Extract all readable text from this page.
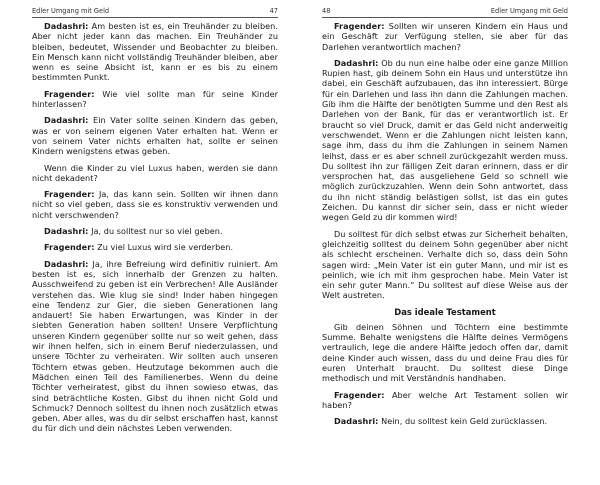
Edler Umgang mit Geld	47

Dadashri: Am besten ist es, ein Treuhänder zu bleiben. Aber nicht jeder kann das machen. Ein Treuhänder zu bleiben, bedeutet, Wissender und Beobachter zu bleiben. Ein Mensch kann nicht vollständig Treuhänder bleiben, aber wenn es seine Absicht ist, kann er es bis zu einem bestimmten Punkt.

Fragender: Wie viel sollte man für seine Kinder hinterlassen?

Dadashri: Ein Vater sollte seinen Kindern das geben, was er von seinem eigenen Vater erhalten hat. Wenn er von seinem Vater nichts erhalten hat, sollte er seinen Kindern wenigstens etwas geben.

Wenn die Kinder zu viel Luxus haben, werden sie dann nicht dekadent?

Fragender: Ja, das kann sein. Sollten wir ihnen dann nicht so viel geben, dass sie es konstruktiv verwenden und nicht verschwenden?

Dadashri: Ja, du solltest nur so viel geben.

Fragender: Zu viel Luxus wird sie verderben.

Dadashri: Ja, ihre Befreiung wird definitiv ruiniert. Am besten ist es, sich innerhalb der Grenzen zu halten. Ausschweifend zu geben ist ein Verbrechen! Alle Ausländer verstehen das. Wie klug sie sind! Inder haben hingegen eine Tendenz zur Gier, die sieben Generationen lang andauert! Sie haben Erwartungen, was Kinder in der siebten Generation haben sollten! Unsere Verpflichtung unseren Kindern gegenüber sollte nur so weit gehen, dass wir ihnen helfen, sich in einem Beruf niederzulassen, und unsere Töchter zu verheiraten. Wir sollten auch unseren Töchtern etwas geben. Heutzutage bekommen auch die Mädchen einen Teil des Familienerbes. Wenn du deine Töchter verheiratest, gibst du ihnen sowieso etwas, das sind beträchtliche Kosten. Gibst du ihnen nicht Gold und Schmuck? Dennoch solltest du ihnen noch zusätzlich etwas geben. Aber alles, was du dir selbst erschaffen hast, kannst du für dich und dein nächstes Leben verwenden.

48	Edler Umgang mit Geld

Fragender: Sollten wir unseren Kindern ein Haus und ein Geschäft zur Verfügung stellen, sie aber für das Darlehen verantwortlich machen?

Dadashri: Ob du nun eine halbe oder eine ganze Million Rupien hast, gib deinem Sohn ein Haus und unterstütze ihn dabei, ein Geschäft aufzubauen, das ihn interessiert. Bürge für ein Darlehen und lass ihn dann die Zahlungen machen. Gib ihm die Hälfte der benötigten Summe und den Rest als Darlehen von der Bank, für das er verantwortlich ist. Er braucht so viel Druck, damit er das Geld nicht anderweitig verschwendet. Wenn er die Zahlungen nicht leisten kann, sage ihm, dass du ihm die Zahlungen in seinem Namen leihst, dass er es aber schnell zurückgezahlt werden muss. Du solltest ihn zur fälligen Zeit daran erinnern, dass er dir versprochen hat, das ausgeliehene Geld so schnell wie möglich zurückzuzahlen. Wenn dein Sohn antwortet, dass du ihn nicht ständig belästigen sollst, ist das ein gutes Zeichen. Du kannst dir sicher sein, dass er nicht wieder wegen Geld zu dir kommen wird!

Du solltest für dich selbst etwas zur Sicherheit behalten, gleichzeitig solltest du deinem Sohn gegenüber aber nicht als schlecht erscheinen. Verhalte dich so, dass dein Sohn sagen wird: „Mein Vater ist ein guter Mann, und mir ist es peinlich, wie ich mit ihm gesprochen habe. Mein Vater ist ein sehr guter Mann.“ Du solltest auf diese Weise aus der Welt austreten.

Das ideale Testament

Gib deinen Söhnen und Töchtern eine bestimmte Summe. Behalte wenigstens die Hälfte deines Vermögens vertraulich, lege die andere Hälfte jedoch offen dar, damit deine Kinder auch wissen, dass du und deine Frau dies für euren Unterhalt braucht. Du solltest diese Dinge methodisch und mit Verständnis handhaben.

Fragender: Aber welche Art Testament sollen wir haben?

Dadashri: Nein, du solltest kein Geld zurücklassen.
